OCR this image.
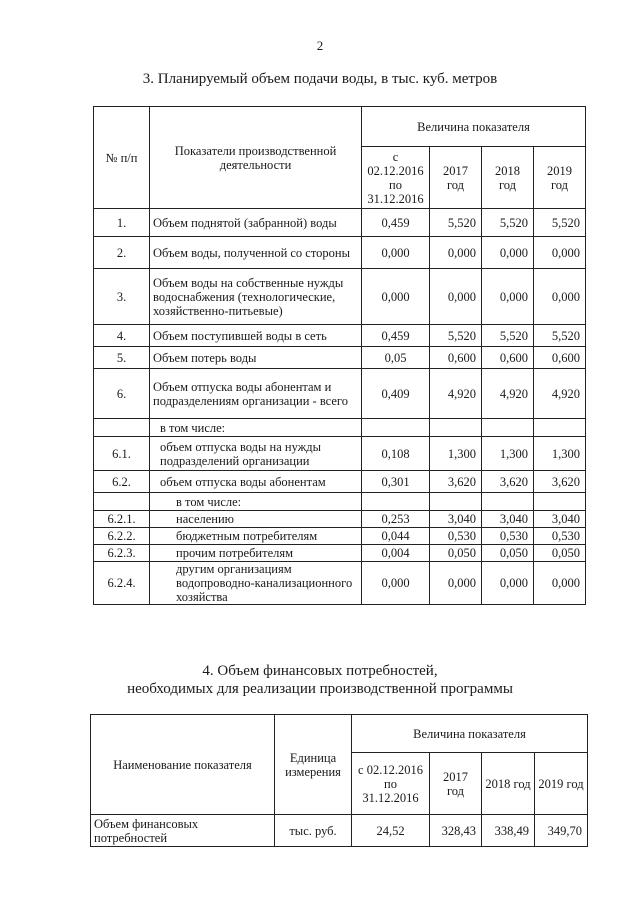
2
3. Планируемый объем подачи воды, в тыс. куб. метров
№ п/п	Показатели производственной деятельности	Величина показателя			
		с 02.12.2016 по 31.12.2016	2017 год	2018 год	2019 год
1.	Объем поднятой (забранной) воды	0,459	5,520	5,520	5,520
2.	Объем воды, полученной со стороны	0,000	0,000	0,000	0,000
3.	Объем воды на собственные нужды водоснабжения (технологические, хозяйственно-питьевые)	0,000	0,000	0,000	0,000
4.	Объем поступившей воды в сеть	0,459	5,520	5,520	5,520
5.	Объем потерь воды	0,05	0,600	0,600	0,600
6.	Объем отпуска воды абонентам и подразделениям организации - всего	0,409	4,920	4,920	4,920
	в том числе:				
6.1.	объем отпуска воды на нужды подразделений организации	0,108	1,300	1,300	1,300
6.2.	объем отпуска воды абонентам	0,301	3,620	3,620	3,620
	в том числе:				
6.2.1.	населению	0,253	3,040	3,040	3,040
6.2.2.	бюджетным потребителям	0,044	0,530	0,530	0,530
6.2.3.	прочим потребителям	0,004	0,050	0,050	0,050
6.2.4.	другим организациям водопроводно-канализационного хозяйства	0,000	0,000	0,000	0,000
4. Объем финансовых потребностей,
необходимых для реализации производственной программы
Наименование показателя	Единица измерения	Величина показателя			
		с 02.12.2016 по 31.12.2016	2017 год	2018 год	2019 год
Объем финансовых потребностей	тыс. руб.	24,52	328,43	338,49	349,70
